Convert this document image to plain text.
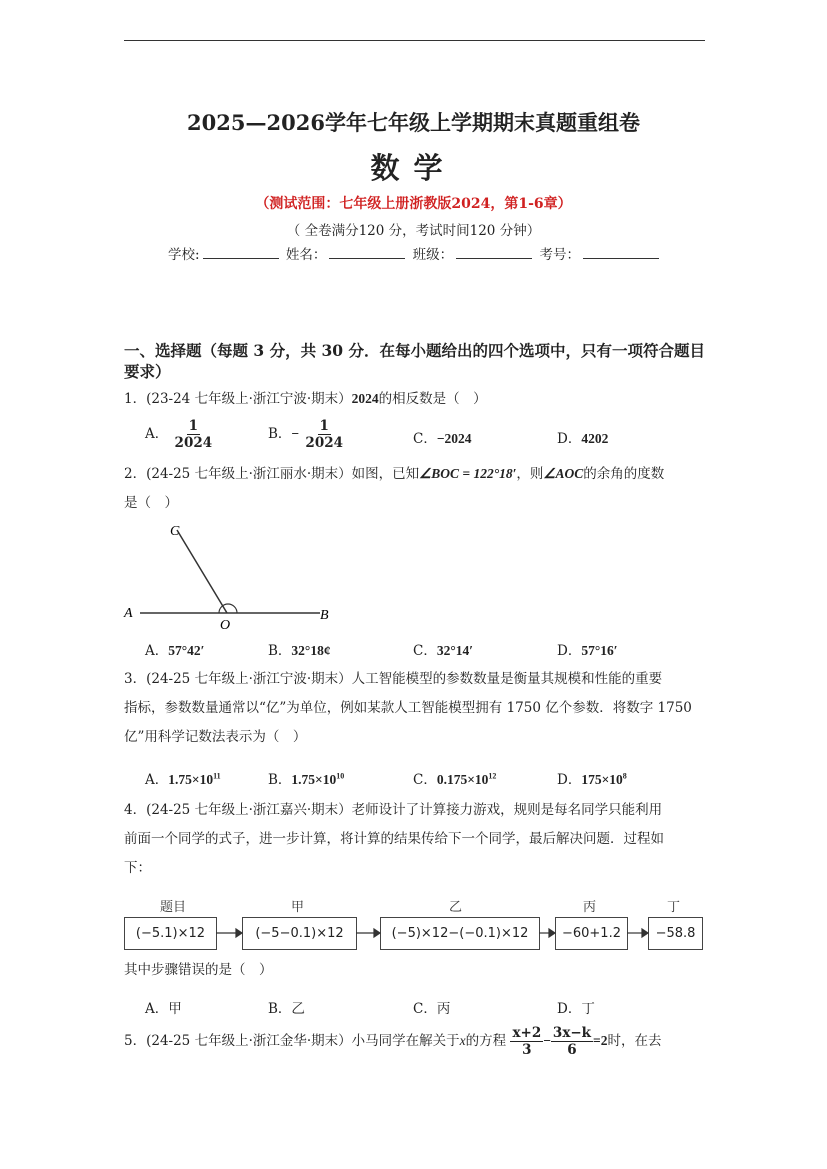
2025—2026学年七年级上学期期末真题重组卷
数学
（测试范围：七年级上册浙教版2024，第1-6章）
（ 全卷满分120 分，考试时间120 分钟）
学校:	姓名：	班级：	考号：
一、选择题（每题 3 分，共 30 分．在每小题给出的四个选项中，只有一项符合题目要求）
1．(23-24 七年级上·浙江宁波·期末）2024的相反数是（　）
A． $\frac{1}{2024}$	B．− $\frac{1}{2024}$	C．−2024	D．4202
2．(24-25 七年级上·浙江丽水·期末）如图，已知∠BOC = 122°18′，则∠AOC的余角的度数
是（　）
C
A
O
B
A．57°42′	B．32°18¢	C．32°14′	D．57°16′
3．(24-25 七年级上·浙江宁波·期末）人工智能模型的参数数量是衡量其规模和性能的重要
指标，参数数量通常以“亿”为单位，例如某款人工智能模型拥有 1750 亿个参数．将数字 1750
亿”用科学记数法表示为（　）
A．$1.75\times 10^{11}$	B．$1.75\times 10^{10}$	C．$0.175\times 10^{12}$	D．$175\times 10^8$
4．(24-25 七年级上·浙江嘉兴·期末）老师设计了计算接力游戏，规则是每名同学只能利用
前面一个同学的式子，进一步计算，将计算的结果传给下一个同学，最后解决问题．过程如
下：
题目
(−5.1)×12
甲
(−5−0.1)×12
乙
(−5)×12−(−0.1)×12
丙
−60+1.2
丁
−58.8
其中步骤错误的是（　）
A．甲	B．乙	C．丙	D．丁
5．(24-25 七年级上·浙江金华·期末）小马同学在解关于x的方程 $\frac{x+2}{3} - \frac{3x-k}{6} =2$时，在去
